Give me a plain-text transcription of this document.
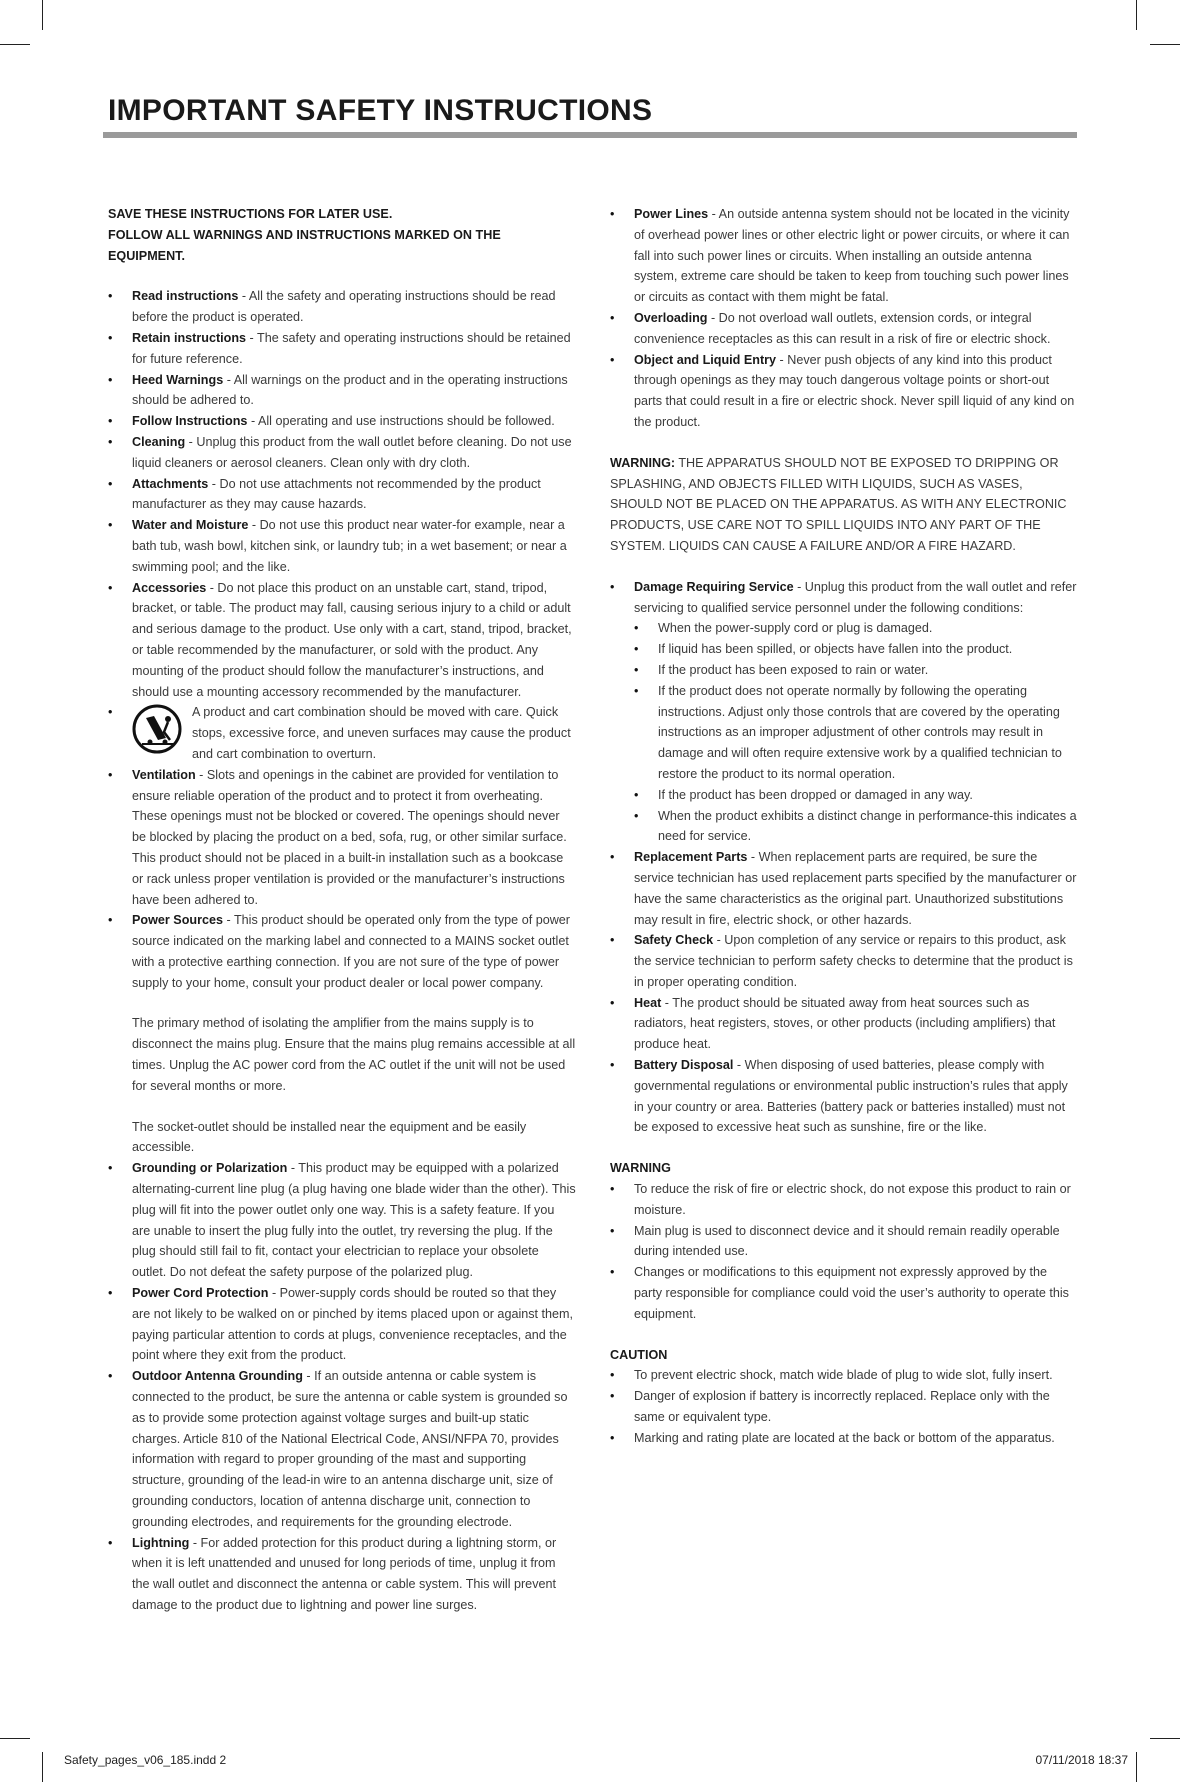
IMPORTANT SAFETY INSTRUCTIONS
SAVE THESE INSTRUCTIONS FOR LATER USE.
FOLLOW ALL WARNINGS AND INSTRUCTIONS MARKED ON THE EQUIPMENT.
• Read instructions - All the safety and operating instructions should be read before the product is operated.
• Retain instructions - The safety and operating instructions should be retained for future reference.
• Heed Warnings - All warnings on the product and in the operating instructions should be adhered to.
• Follow Instructions - All operating and use instructions should be followed.
• Cleaning - Unplug this product from the wall outlet before cleaning. Do not use liquid cleaners or aerosol cleaners. Clean only with dry cloth.
• Attachments - Do not use attachments not recommended by the product manufacturer as they may cause hazards.
• Water and Moisture - Do not use this product near water-for example, near a bath tub, wash bowl, kitchen sink, or laundry tub; in a wet basement; or near a swimming pool; and the like.
• Accessories - Do not place this product on an unstable cart, stand, tripod, bracket, or table. The product may fall, causing serious injury to a child or adult and serious damage to the product. Use only with a cart, stand, tripod, bracket, or table recommended by the manufacturer, or sold with the product. Any mounting of the product should follow the manufacturer’s instructions, and should use a mounting accessory recommended by the manufacturer.
• A product and cart combination should be moved with care. Quick stops, excessive force, and uneven surfaces may cause the product and cart combination to overturn.
• Ventilation - Slots and openings in the cabinet are provided for ventilation to ensure reliable operation of the product and to protect it from overheating. These openings must not be blocked or covered. The openings should never be blocked by placing the product on a bed, sofa, rug, or other similar surface. This product should not be placed in a built-in installation such as a bookcase or rack unless proper ventilation is provided or the manufacturer’s instructions have been adhered to.
• Power Sources - This product should be operated only from the type of power source indicated on the marking label and connected to a MAINS socket outlet with a protective earthing connection. If you are not sure of the type of power supply to your home, consult your product dealer or local power company.
The primary method of isolating the amplifier from the mains supply is to disconnect the mains plug. Ensure that the mains plug remains accessible at all times. Unplug the AC power cord from the AC outlet if the unit will not be used for several months or more.
The socket-outlet should be installed near the equipment and be easily accessible.
• Grounding or Polarization - This product may be equipped with a polarized alternating-current line plug (a plug having one blade wider than the other). This plug will fit into the power outlet only one way. This is a safety feature. If you are unable to insert the plug fully into the outlet, try reversing the plug. If the plug should still fail to fit, contact your electrician to replace your obsolete outlet. Do not defeat the safety purpose of the polarized plug.
• Power Cord Protection - Power-supply cords should be routed so that they are not likely to be walked on or pinched by items placed upon or against them, paying particular attention to cords at plugs, convenience receptacles, and the point where they exit from the product.
• Outdoor Antenna Grounding - If an outside antenna or cable system is connected to the product, be sure the antenna or cable system is grounded so as to provide some protection against voltage surges and built-up static charges. Article 810 of the National Electrical Code, ANSI/NFPA 70, provides information with regard to proper grounding of the mast and supporting structure, grounding of the lead-in wire to an antenna discharge unit, size of grounding conductors, location of antenna discharge unit, connection to grounding electrodes, and requirements for the grounding electrode.
• Lightning - For added protection for this product during a lightning storm, or when it is left unattended and unused for long periods of time, unplug it from the wall outlet and disconnect the antenna or cable system. This will prevent damage to the product due to lightning and power line surges.
• Power Lines - An outside antenna system should not be located in the vicinity of overhead power lines or other electric light or power circuits, or where it can fall into such power lines or circuits. When installing an outside antenna system, extreme care should be taken to keep from touching such power lines or circuits as contact with them might be fatal.
• Overloading - Do not overload wall outlets, extension cords, or integral convenience receptacles as this can result in a risk of fire or electric shock.
• Object and Liquid Entry - Never push objects of any kind into this product through openings as they may touch dangerous voltage points or short-out parts that could result in a fire or electric shock. Never spill liquid of any kind on the product.
WARNING: THE APPARATUS SHOULD NOT BE EXPOSED TO DRIPPING OR SPLASHING, AND OBJECTS FILLED WITH LIQUIDS, SUCH AS VASES, SHOULD NOT BE PLACED ON THE APPARATUS. AS WITH ANY ELECTRONIC PRODUCTS, USE CARE NOT TO SPILL LIQUIDS INTO ANY PART OF THE SYSTEM. LIQUIDS CAN CAUSE A FAILURE AND/OR A FIRE HAZARD.
• Damage Requiring Service - Unplug this product from the wall outlet and refer servicing to qualified service personnel under the following conditions:
• When the power-supply cord or plug is damaged.
• If liquid has been spilled, or objects have fallen into the product.
• If the product has been exposed to rain or water.
• If the product does not operate normally by following the operating instructions. Adjust only those controls that are covered by the operating instructions as an improper adjustment of other controls may result in damage and will often require extensive work by a qualified technician to restore the product to its normal operation.
• If the product has been dropped or damaged in any way.
• When the product exhibits a distinct change in performance-this indicates a need for service.
• Replacement Parts - When replacement parts are required, be sure the service technician has used replacement parts specified by the manufacturer or have the same characteristics as the original part. Unauthorized substitutions may result in fire, electric shock, or other hazards.
• Safety Check - Upon completion of any service or repairs to this product, ask the service technician to perform safety checks to determine that the product is in proper operating condition.
• Heat - The product should be situated away from heat sources such as radiators, heat registers, stoves, or other products (including amplifiers) that produce heat.
• Battery Disposal - When disposing of used batteries, please comply with governmental regulations or environmental public instruction’s rules that apply in your country or area. Batteries (battery pack or batteries installed) must not be exposed to excessive heat such as sunshine, fire or the like.
WARNING
• To reduce the risk of fire or electric shock, do not expose this product to rain or moisture.
• Main plug is used to disconnect device and it should remain readily operable during intended use.
• Changes or modifications to this equipment not expressly approved by the party responsible for compliance could void the user’s authority to operate this equipment.
CAUTION
• To prevent electric shock, match wide blade of plug to wide slot, fully insert.
• Danger of explosion if battery is incorrectly replaced. Replace only with the same or equivalent type.
• Marking and rating plate are located at the back or bottom of the apparatus.
Safety_pages_v06_185.indd 2	07/11/2018 18:37
